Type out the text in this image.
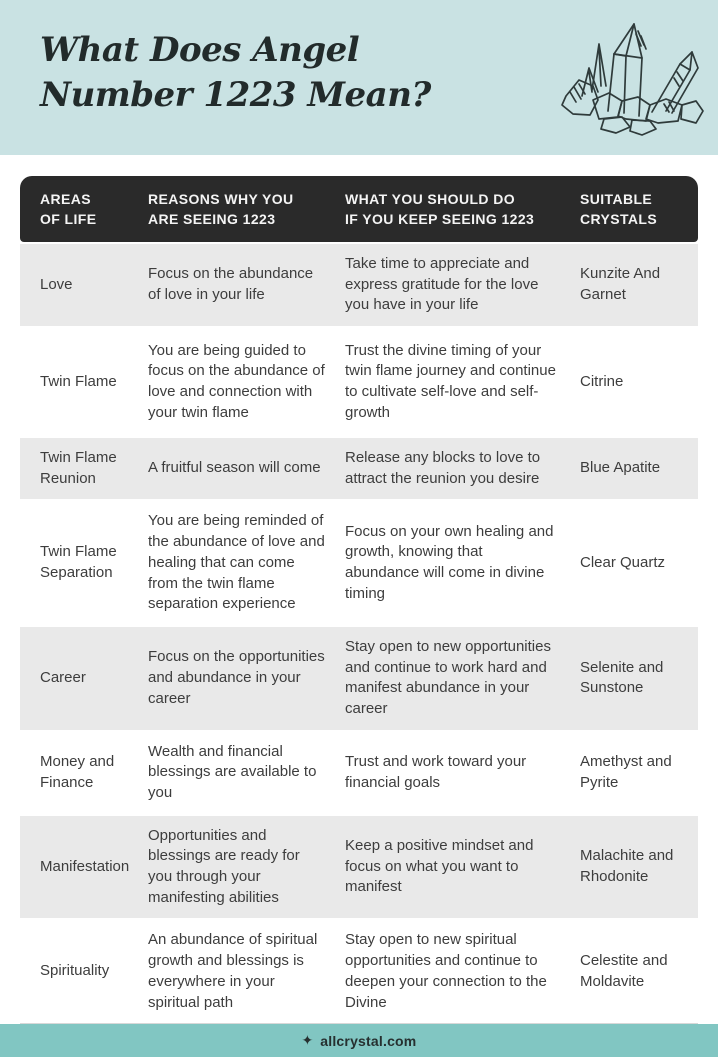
What Does Angel
Number 1223 Mean?
AREAS
OF LIFE
REASONS WHY YOU
ARE SEEING 1223
WHAT YOU SHOULD DO
IF YOU KEEP SEEING 1223
SUITABLE
CRYSTALS
Love
Focus on the abundance of love in your life
Take time to appreciate and express gratitude for the love you have in your life
Kunzite And Garnet
Twin Flame
You are being guided to focus on the abundance of love and connection with your twin flame
Trust the divine timing of your twin flame journey and continue to cultivate self-love and self-growth
Citrine
Twin Flame Reunion
A fruitful season will come
Release any blocks to love to attract the reunion you desire
Blue Apatite
Twin Flame Separation
You are being reminded of the abundance of love and healing that can come from the twin flame separation experience
Focus on your own healing and growth, knowing that abundance will come in divine timing
Clear Quartz
Career
Focus on the opportunities and abundance in your career
Stay open to new opportunities and continue to work hard and manifest abundance in your career
Selenite and Sunstone
Money and Finance
Wealth and financial blessings are available to you
Trust and work toward your financial goals
Amethyst and Pyrite
Manifestation
Opportunities and blessings are ready for you through your manifesting abilities
Keep a positive mindset and focus on what you want to manifest
Malachite and Rhodonite
Spirituality
An abundance of spiritual growth and blessings is everywhere in your spiritual path
Stay open to new spiritual opportunities and continue to deepen your connection to the Divine
Celestite and Moldavite
✦ allcrystal.com
